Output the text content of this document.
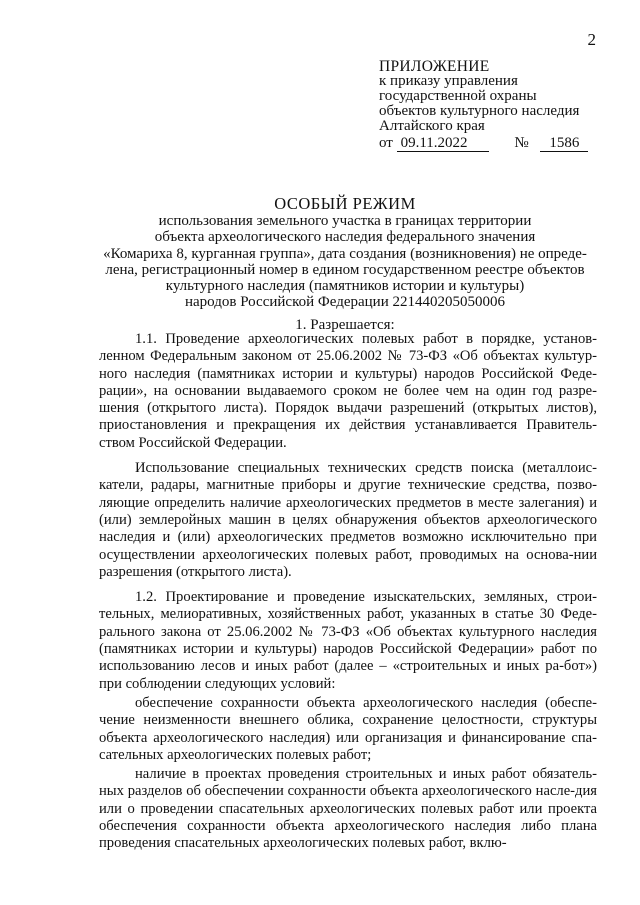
2
ПРИЛОЖЕНИЕ
к приказу управления
государственной охраны
объектов культурного наследия
Алтайского края
от 09.11.2022	№ 1586
ОСОБЫЙ РЕЖИМ
использования земельного участка в границах территории
объекта археологического наследия федерального значения
«Комариха 8, курганная группа», дата создания (возникновения) не опреде-
лена, регистрационный номер в едином государственном реестре объектов
культурного наследия (памятников истории и культуры)
народов Российской Федерации 221440205050006
1. Разрешается:

1.1. Проведение археологических полевых работ в порядке, установ-ленном Федеральным законом от 25.06.2002 № 73-ФЗ «Об объектах культур-ного наследия (памятниках истории и культуры) народов Российской Феде-рации», на основании выдаваемого сроком не более чем на один год разре-шения (открытого листа). Порядок выдачи разрешений (открытых листов), приостановления и прекращения их действия устанавливается Правитель-ством Российской Федерации.

Использование специальных технических средств поиска (металлоис-катели, радары, магнитные приборы и другие технические средства, позво-ляющие определить наличие археологических предметов в месте залегания) и (или) землеройных машин в целях обнаружения объектов археологического наследия и (или) археологических предметов возможно исключительно при осуществлении археологических полевых работ, проводимых на основа-нии разрешения (открытого листа).

1.2. Проектирование и проведение изыскательских, земляных, строи-тельных, мелиоративных, хозяйственных работ, указанных в статье 30 Феде-рального закона от 25.06.2002 № 73-ФЗ «Об объектах культурного наследия (памятниках истории и культуры) народов Российской Федерации» работ по использованию лесов и иных работ (далее – «строительных и иных ра-бот») при соблюдении следующих условий:

обеспечение сохранности объекта археологического наследия (обеспе-чение неизменности внешнего облика, сохранение целостности, структуры объекта археологического наследия) или организация и финансирование спа-сательных археологических полевых работ;

наличие в проектах проведения строительных и иных работ обязатель-ных разделов об обеспечении сохранности объекта археологического насле-дия или о проведении спасательных археологических полевых работ или проекта обеспечения сохранности объекта археологического наследия либо плана проведения спасательных археологических полевых работ, вклю-
